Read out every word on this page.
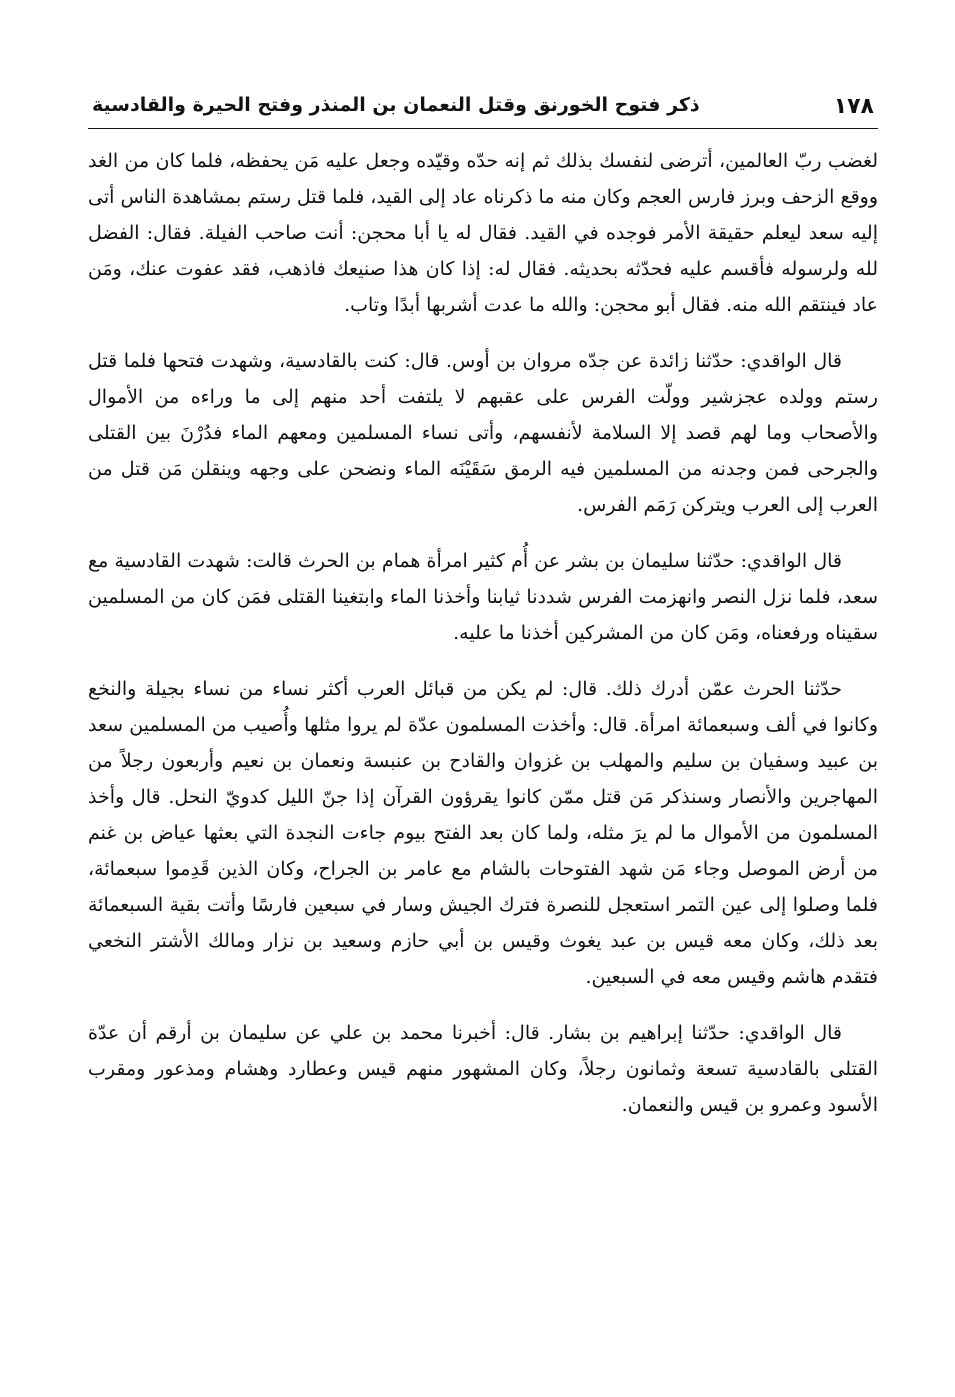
١٧٨
ذكر فتوح الخورنق وقتل النعمان بن المنذر وفتح الحيرة والقادسية

لغضب ربّ العالمين، أترضى لنفسك بذلك ثم إنه حدّه وقيّده وجعل عليه مَن يحفظه، فلما كان من الغد ووقع الزحف وبرز فارس العجم وكان منه ما ذكرناه عاد إلى القيد، فلما قتل رستم بمشاهدة الناس أتى إليه سعد ليعلم حقيقة الأمر فوجده في القيد. فقال له يا أبا محجن: أنت صاحب الفيلة. فقال: الفضل لله ولرسوله فأقسم عليه فحدّثه بحديثه. فقال له: إذا كان هذا صنيعك فاذهب، فقد عفوت عنك، ومَن عاد فينتقم الله منه. فقال أبو محجن: والله ما عدت أشربها أبدًا وتاب.

قال الواقدي: حدّثنا زائدة عن جدّه مروان بن أوس. قال: كنت بالقادسية، وشهدت فتحها فلما قتل رستم وولده عجزشير وولّت الفرس على عقبهم لا يلتفت أحد منهم إلى ما وراءه من الأموال والأصحاب وما لهم قصد إلا السلامة لأنفسهم، وأتى نساء المسلمين ومعهم الماء فدُرْنَ بين القتلى والجرحى فمن وجدنه من المسلمين فيه الرمق سَقَيْنَه الماء ونضحن على وجهه وينقلن مَن قتل من العرب إلى العرب ويتركن رَمَم الفرس.

قال الواقدي: حدّثنا سليمان بن بشر عن أُم كثير امرأة همام بن الحرث قالت: شهدت القادسية مع سعد، فلما نزل النصر وانهزمت الفرس شددنا ثيابنا وأخذنا الماء وابتغينا القتلى فمَن كان من المسلمين سقيناه ورفعناه، ومَن كان من المشركين أخذنا ما عليه.

حدّثنا الحرث عمّن أدرك ذلك. قال: لم يكن من قبائل العرب أكثر نساء من نساء بجيلة والنخع وكانوا في ألف وسبعمائة امرأة. قال: وأخذت المسلمون عدّة لم يروا مثلها وأُصيب من المسلمين سعد بن عبيد وسفيان بن سليم والمهلب بن غزوان والقادح بن عنبسة ونعمان بن نعيم وأربعون رجلاً من المهاجرين والأنصار وسنذكر مَن قتل ممّن كانوا يقرؤون القرآن إذا جنّ الليل كدويّ النحل. قال وأخذ المسلمون من الأموال ما لم يرَ مثله، ولما كان بعد الفتح بيوم جاءت النجدة التي بعثها عياض بن غنم من أرض الموصل وجاء مَن شهد الفتوحات بالشام مع عامر بن الجراح، وكان الذين قَدِموا سبعمائة، فلما وصلوا إلى عين التمر استعجل للنصرة فترك الجيش وسار في سبعين فارسًا وأتت بقية السبعمائة بعد ذلك، وكان معه قيس بن عبد يغوث وقيس بن أبي حازم وسعيد بن نزار ومالك الأشتر النخعي فتقدم هاشم وقيس معه في السبعين.

قال الواقدي: حدّثنا إبراهيم بن بشار. قال: أخبرنا محمد بن علي عن سليمان بن أرقم أن عدّة القتلى بالقادسية تسعة وثمانون رجلاً، وكان المشهور منهم قيس وعطارد وهشام ومذعور ومقرب الأسود وعمرو بن قيس والنعمان.
